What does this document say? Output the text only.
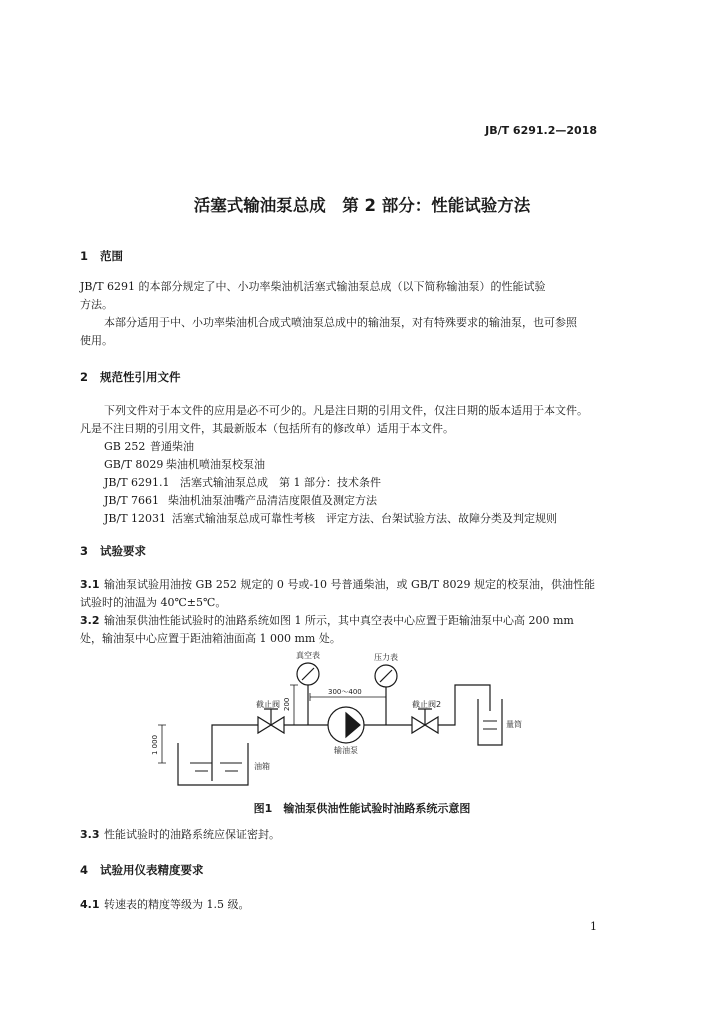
JB/T 6291.2—2018
活塞式输油泵总成　第 2 部分：性能试验方法
1 范围
JB/T 6291 的本部分规定了中、小功率柴油机活塞式输油泵总成（以下简称输油泵）的性能试验
方法。
本部分适用于中、小功率柴油机合成式喷油泵总成中的输油泵，对有特殊要求的输油泵，也可参照
使用。
2 规范性引用文件
下列文件对于本文件的应用是必不可少的。凡是注日期的引用文件，仅注日期的版本适用于本文件。
凡是不注日期的引用文件，其最新版本（包括所有的修改单）适用于本文件。
GB 252 普通柴油
GB/T 8029 柴油机喷油泵校泵油
JB/T 6291.1 活塞式输油泵总成　第 1 部分：技术条件
JB/T 7661 柴油机油泵油嘴产品清洁度限值及测定方法
JB/T 12031 活塞式输油泵总成可靠性考核　评定方法、台架试验方法、故障分类及判定规则
3 试验要求
3.1 输油泵试验用油按 GB 252 规定的 0 号或-10 号普通柴油，或 GB/T 8029 规定的校泵油，供油性能
试验时的油温为 40℃±5℃。
3.2 输油泵供油性能试验时的油路系统如图 1 所示，其中真空表中心应置于距输油泵中心高 200 mm
处，输油泵中心应置于距油箱油面高 1 000 mm 处。
真空表	压力表
截止阀	截止阀2
输油泵
油箱
量筒
300～400
200
1 000
图1　输油泵供油性能试验时油路系统示意图
3.3 性能试验时的油路系统应保证密封。
4 试验用仪表精度要求
4.1 转速表的精度等级为 1.5 级。
1
